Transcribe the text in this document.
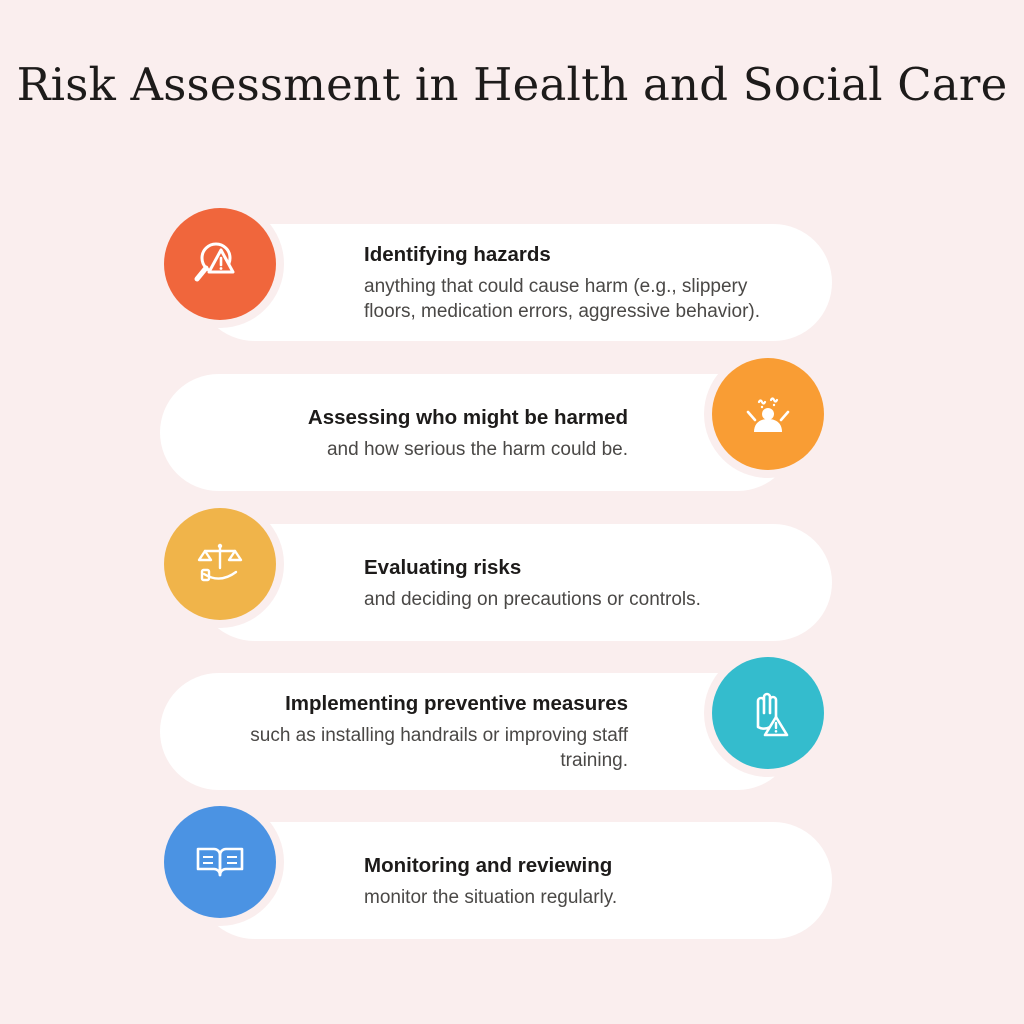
Risk Assessment in Health and Social Care
Identifying hazards
anything that could cause harm (e.g., slippery floors, medication errors, aggressive behavior).
Assessing who might be harmed
and how serious the harm could be.
Evaluating risks
and deciding on precautions or controls.
Implementing preventive measures
such as installing handrails or improving staff training.
Monitoring and reviewing
monitor the situation regularly.
